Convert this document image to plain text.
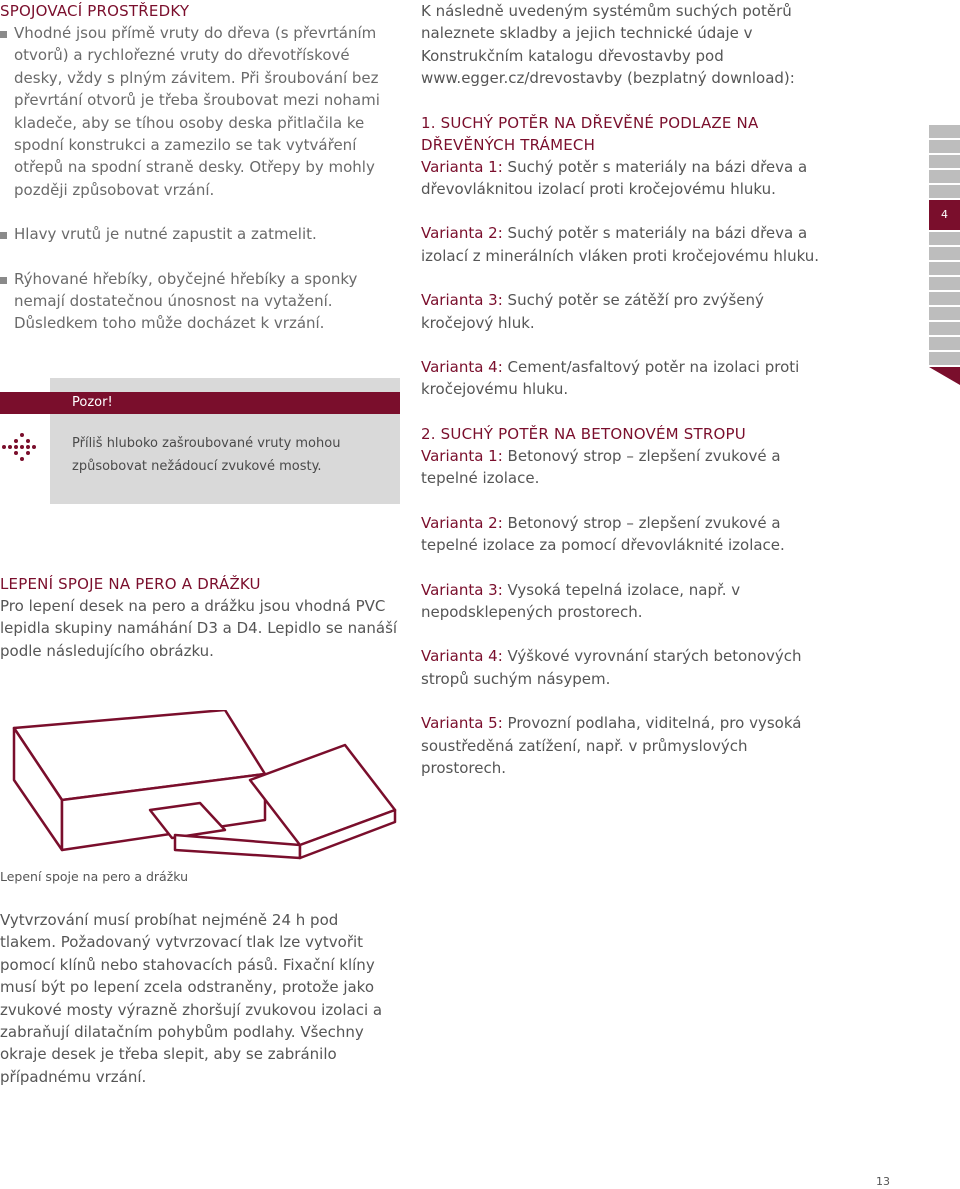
SPOJOVACÍ PROSTŘEDKY
Vhodné jsou přímě vruty do dřeva (s převrtáním otvorů) a rychlořezné vruty do dřevotřískové desky, vždy s plným závitem. Při šroubování bez převrtání otvorů je třeba šroubovat mezi nohami kladeče, aby se tíhou osoby deska přitlačila ke spodní konstrukci a zamezilo se tak vytváření otřepů na spodní straně desky. Otřepy by mohly později způsobovat vrzání.
Hlavy vrutů je nutné zapustit a zatmelit.
Rýhované hřebíky, obyčejné hřebíky a sponky nemají dostatečnou únosnost na vytažení. Důsledkem toho může docházet k vrzání.
Pozor!
Příliš hluboko zašroubované vruty mohou způsobovat nežádoucí zvukové mosty.
LEPENÍ SPOJE NA PERO A DRÁŽKU

Pro lepení desek na pero a drážku jsou vhodná PVC lepidla skupiny namáhání D3 a D4. Lepidlo se nanáší podle následujícího obrázku.

Lepení spoje na pero a drážku
Vytvrzování musí probíhat nejméně 24 h pod tlakem. Požadovaný vytvrzovací tlak lze vytvořit pomocí klínů nebo stahovacích pásů. Fixační klíny musí být po lepení zcela odstraněny, protože jako zvukové mosty výrazně zhoršují zvukovou izolaci a zabraňují dilatačním pohybům podlahy. Všechny okraje desek je třeba slepit, aby se zabránilo případnému vrzání.

K následně uvedeným systémům suchých potěrů naleznete skladby a jejich technické údaje v Konstrukčním katalogu dřevostavby pod www.egger.cz/drevostavby (bezplatný download):

1. SUCHÝ POTĚR NA DŘEVĚNÉ PODLAZE NA DŘEVĚNÝCH TRÁMECH

Varianta 1: Suchý potěr s materiály na bázi dřeva a dřevovláknitou izolací proti kročejovému hluku.

Varianta 2: Suchý potěr s materiály na bázi dřeva a izolací z minerálních vláken proti kročejovému hluku.

Varianta 3: Suchý potěr se zátěží pro zvýšený kročejový hluk.

Varianta 4: Cement/asfaltový potěr na izolaci proti kročejovému hluku.

2. SUCHÝ POTĚR NA BETONOVÉM STROPU

Varianta 1: Betonový strop – zlepšení zvukové a tepelné izolace.

Varianta 2: Betonový strop – zlepšení zvukové a tepelné izolace za pomocí dřevovláknité izolace.

Varianta 3: Vysoká tepelná izolace, např. v nepodsklepených prostorech.

Varianta 4: Výškové vyrovnání starých betonových stropů suchým násypem.

Varianta 5: Provozní podlaha, viditelná, pro vysoká soustředěná zatížení, např. v průmyslových prostorech.

4
13
